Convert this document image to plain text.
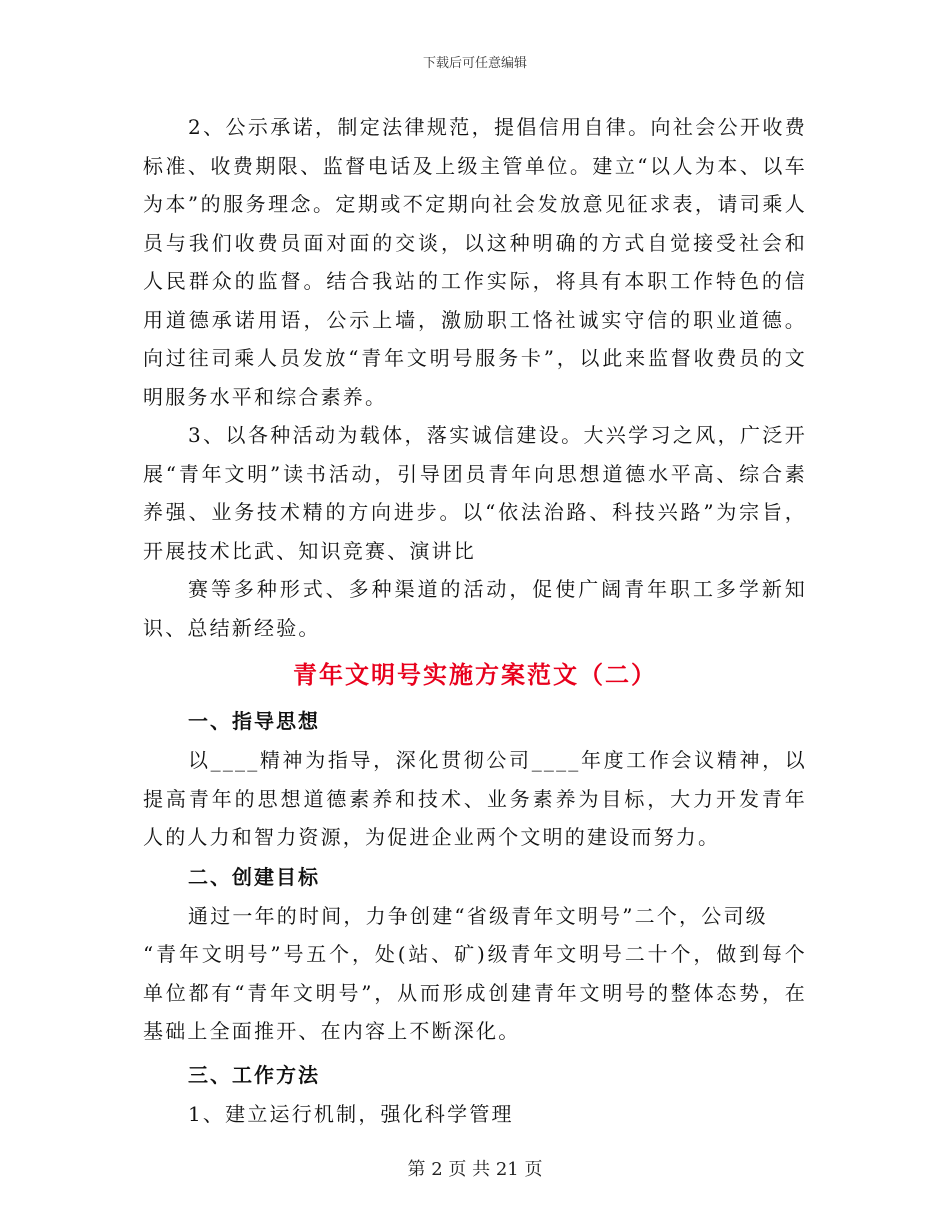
下载后可任意编辑

2、公示承诺，制定法律规范，提倡信用自律。向社会公开收费标准、收费期限、监督电话及上级主管单位。建立“以人为本、以车为本”的服务理念。定期或不定期向社会发放意见征求表，请司乘人员与我们收费员面对面的交谈，以这种明确的方式自觉接受社会和人民群众的监督。结合我站的工作实际，将具有本职工作特色的信用道德承诺用语，公示上墙，激励职工恪社诚实守信的职业道德。向过往司乘人员发放“青年文明号服务卡”，以此来监督收费员的文明服务水平和综合素养。

3、以各种活动为载体，落实诚信建设。大兴学习之风，广泛开展“青年文明”读书活动，引导团员青年向思想道德水平高、综合素养强、业务技术精的方向进步。以“依法治路、科技兴路”为宗旨，开展技术比武、知识竞赛、演讲比

赛等多种形式、多种渠道的活动，促使广阔青年职工多学新知识、总结新经验。

青年文明号实施方案范文（二）

一、指导思想

以____精神为指导，深化贯彻公司____年度工作会议精神，以提高青年的思想道德素养和技术、业务素养为目标，大力开发青年人的人力和智力资源，为促进企业两个文明的建设而努力。

二、创建目标

通过一年的时间，力争创建“省级青年文明号”二个，公司级

“青年文明号”号五个，处(站、矿)级青年文明号二十个，做到每个单位都有“青年文明号”，从而形成创建青年文明号的整体态势，在基础上全面推开、在内容上不断深化。

三、工作方法

1、建立运行机制，强化科学管理

第 2 页 共 21 页
